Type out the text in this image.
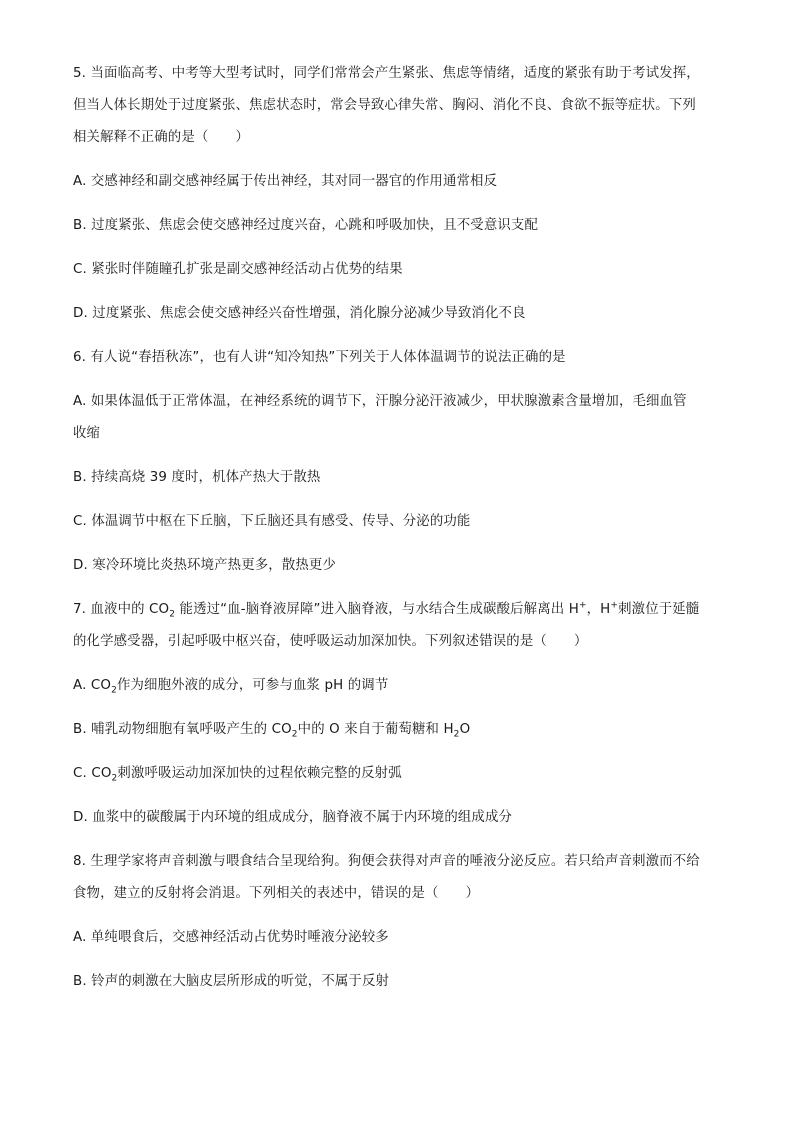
5. 当面临高考、中考等大型考试时，同学们常常会产生紧张、焦虑等情绪，适度的紧张有助于考试发挥，
但当人体长期处于过度紧张、焦虑状态时，常会导致心律失常、胸闷、消化不良、食欲不振等症状。下列
相关解释不正确的是（　　）
A. 交感神经和副交感神经属于传出神经，其对同一器官的作用通常相反
B. 过度紧张、焦虑会使交感神经过度兴奋，心跳和呼吸加快，且不受意识支配
C. 紧张时伴随瞳孔扩张是副交感神经活动占优势的结果
D. 过度紧张、焦虑会使交感神经兴奋性增强，消化腺分泌减少导致消化不良
6. 有人说“春捂秋冻”，也有人讲“知冷知热”下列关于人体体温调节的说法正确的是
A. 如果体温低于正常体温，在神经系统的调节下，汗腺分泌汗液减少，甲状腺激素含量增加，毛细血管
收缩
B. 持续高烧 39 度时，机体产热大于散热
C. 体温调节中枢在下丘脑，下丘脑还具有感受、传导、分泌的功能
D. 寒冷环境比炎热环境产热更多，散热更少
7. 血液中的 $CO_2$ 能透过“血-脑脊液屏障”进入脑脊液，与水结合生成碳酸后解离出 H+，H+刺激位于延髓
的化学感受器，引起呼吸中枢兴奋，使呼吸运动加深加快。下列叙述错误的是（　　）
A. $CO_2$作为细胞外液的成分，可参与血浆 pH 的调节
B. 哺乳动物细胞有氧呼吸产生的 $CO_2$中的 O 来自于葡萄糖和 $H_2O$
C. $CO_2$刺激呼吸运动加深加快的过程依赖完整的反射弧
D. 血浆中的碳酸属于内环境的组成成分，脑脊液不属于内环境的组成成分
8. 生理学家将声音刺激与喂食结合呈现给狗。狗便会获得对声音的唾液分泌反应。若只给声音刺激而不给
食物，建立的反射将会消退。下列相关的表述中，错误的是（　　）
A. 单纯喂食后，交感神经活动占优势时唾液分泌较多
B. 铃声的刺激在大脑皮层所形成的听觉，不属于反射
